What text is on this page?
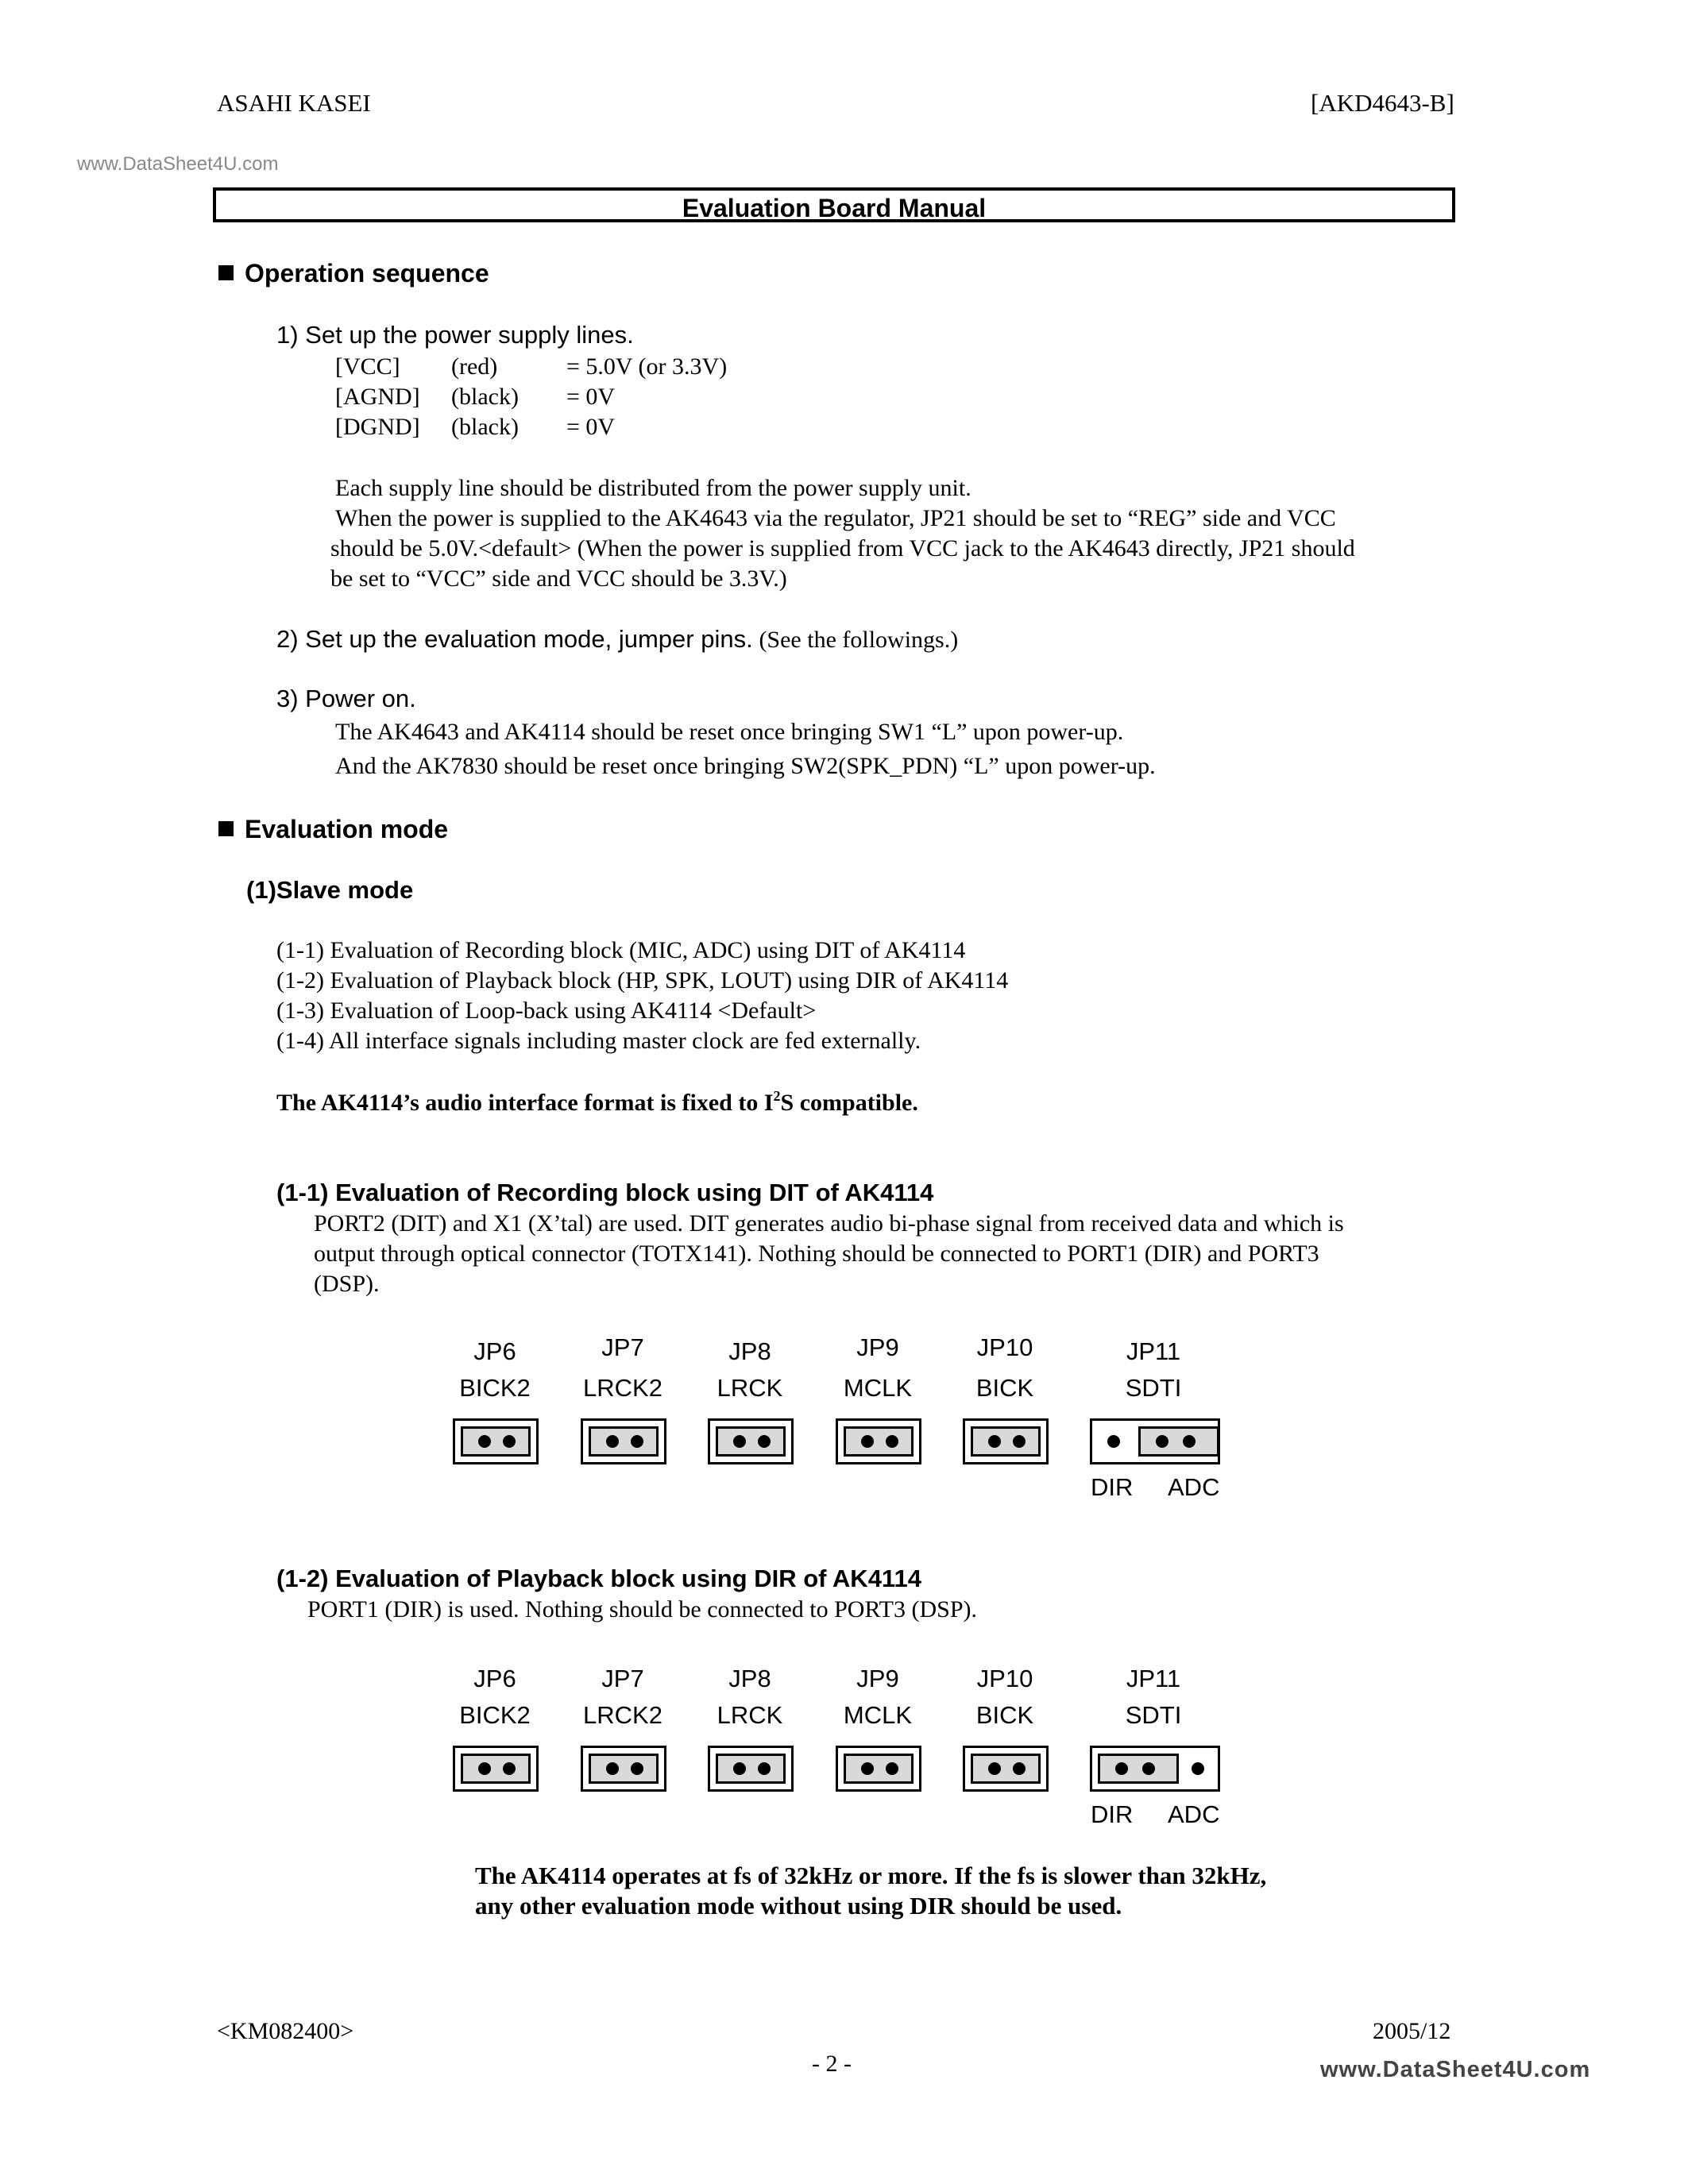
ASAHI KASEI	[AKD4643-B]
www.DataSheet4U.com
Evaluation Board Manual
Operation sequence
1) Set up the power supply lines.
[VCC] (red)	= 5.0V (or 3.3V)
[AGND] (black) = 0V
[DGND] (black) = 0V
Each supply line should be distributed from the power supply unit.
When the power is supplied to the AK4643 via the regulator, JP21 should be set to “REG” side and VCC
should be 5.0V.<default> (When the power is supplied from VCC jack to the AK4643 directly, JP21 should
be set to “VCC” side and VCC should be 3.3V.)
2) Set up the evaluation mode, jumper pins. (See the followings.)
3) Power on.
The AK4643 and AK4114 should be reset once bringing SW1 “L” upon power-up.
And the AK7830 should be reset once bringing SW2(SPK_PDN) “L” upon power-up.
Evaluation mode
(1)Slave mode
(1-1) Evaluation of Recording block (MIC, ADC) using DIT of AK4114
(1-2) Evaluation of Playback block (HP, SPK, LOUT) using DIR of AK4114
(1-3) Evaluation of Loop-back using AK4114 <Default>
(1-4) All interface signals including master clock are fed externally.
The AK4114’s audio interface format is fixed to $I^2S$ compatible.
(1-1) Evaluation of Recording block using DIT of AK4114
PORT2 (DIT) and X1 (X’tal) are used. DIT generates audio bi-phase signal from received data and which is
output through optical connector (TOTX141). Nothing should be connected to PORT1 (DIR) and PORT3
(DSP).
JP6	JP7	JP8	JP9	JP10	JP11
BICK2	LRCK2	LRCK	MCLK	BICK	SDTI
DIR ADC
(1-2) Evaluation of Playback block using DIR of AK4114
PORT1 (DIR) is used. Nothing should be connected to PORT3 (DSP).
JP6	JP7	JP8	JP9	JP10	JP11
BICK2	LRCK2	LRCK	MCLK	BICK	SDTI
DIR ADC
The AK4114 operates at fs of 32kHz or more. If the fs is slower than 32kHz,
any other evaluation mode without using DIR should be used.
<KM082400>	2005/12
- 2 -	www.DataSheet4U.com
